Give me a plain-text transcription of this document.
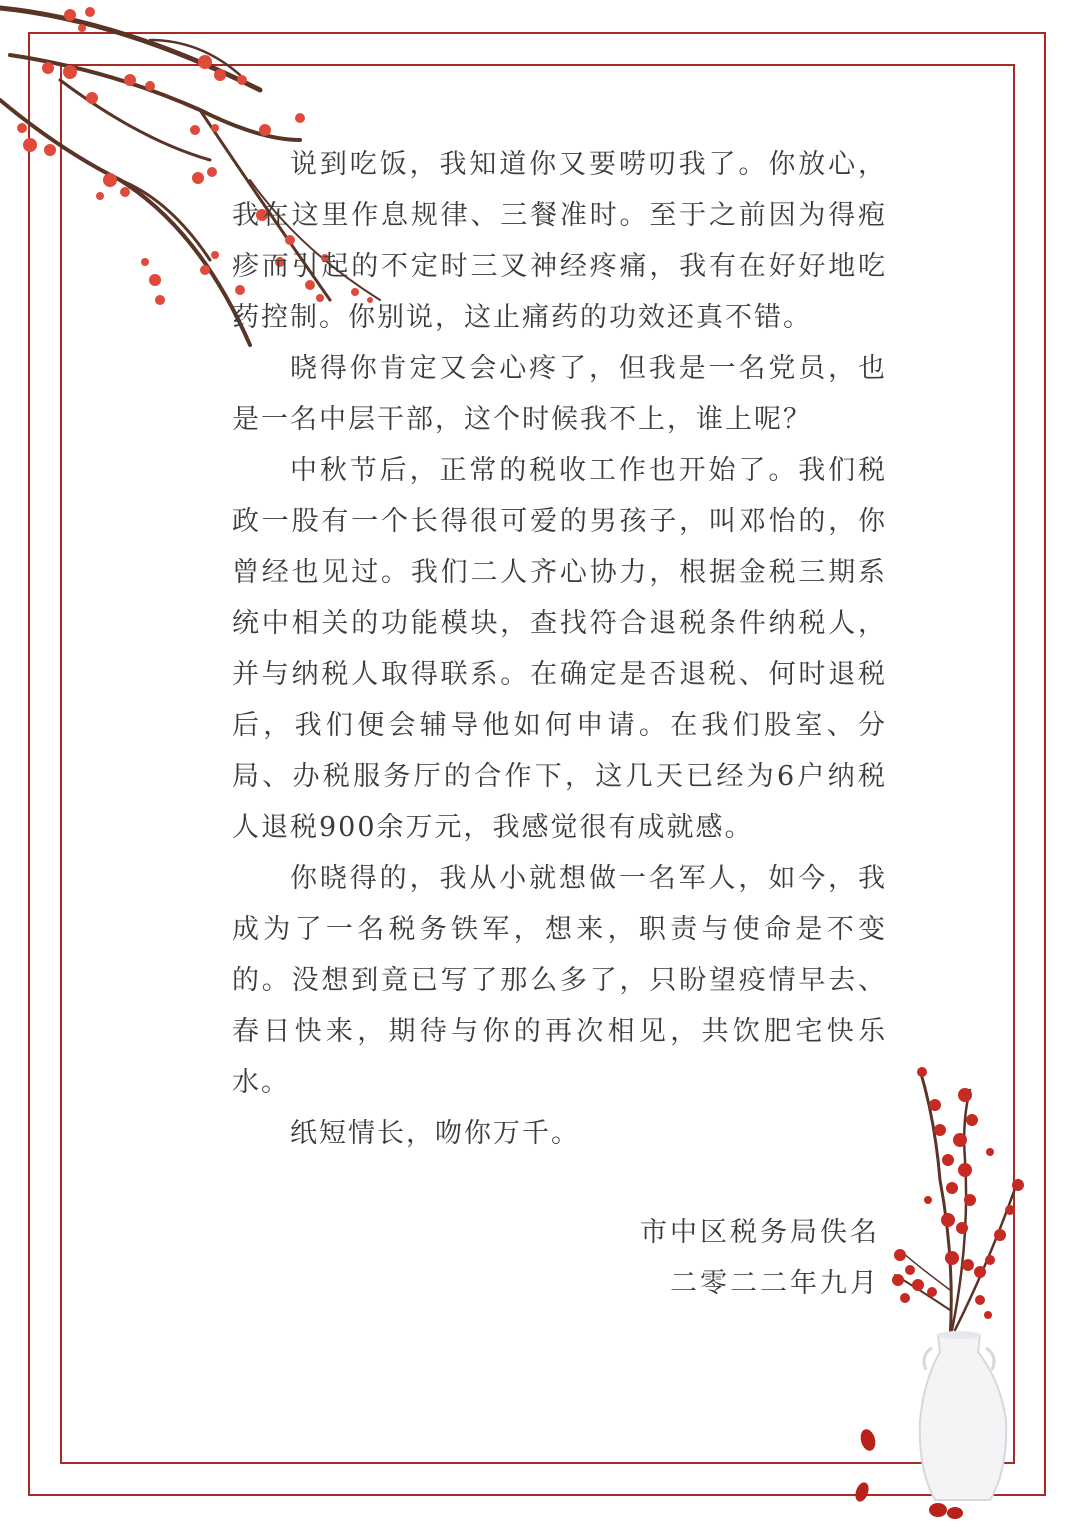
说到吃饭，我知道你又要唠叨我了。你放心，我在这里作息规律、三餐准时。至于之前因为得疱疹而引起的不定时三叉神经疼痛，我有在好好地吃药控制。你别说，这止痛药的功效还真不错。

晓得你肯定又会心疼了，但我是一名党员，也是一名中层干部，这个时候我不上，谁上呢？

中秋节后，正常的税收工作也开始了。我们税政一股有一个长得很可爱的男孩子，叫邓怡的，你曾经也见过。我们二人齐心协力，根据金税三期系统中相关的功能模块，查找符合退税条件纳税人，并与纳税人取得联系。在确定是否退税、何时退税后，我们便会辅导他如何申请。在我们股室、分局、办税服务厅的合作下，这几天已经为6户纳税人退税900余万元，我感觉很有成就感。

你晓得的，我从小就想做一名军人，如今，我成为了一名税务铁军，想来，职责与使命是不变的。没想到竟已写了那么多了，只盼望疫情早去、春日快来，期待与你的再次相见，共饮肥宅快乐水。

纸短情长，吻你万千。

市中区税务局佚名
二零二二年九月
